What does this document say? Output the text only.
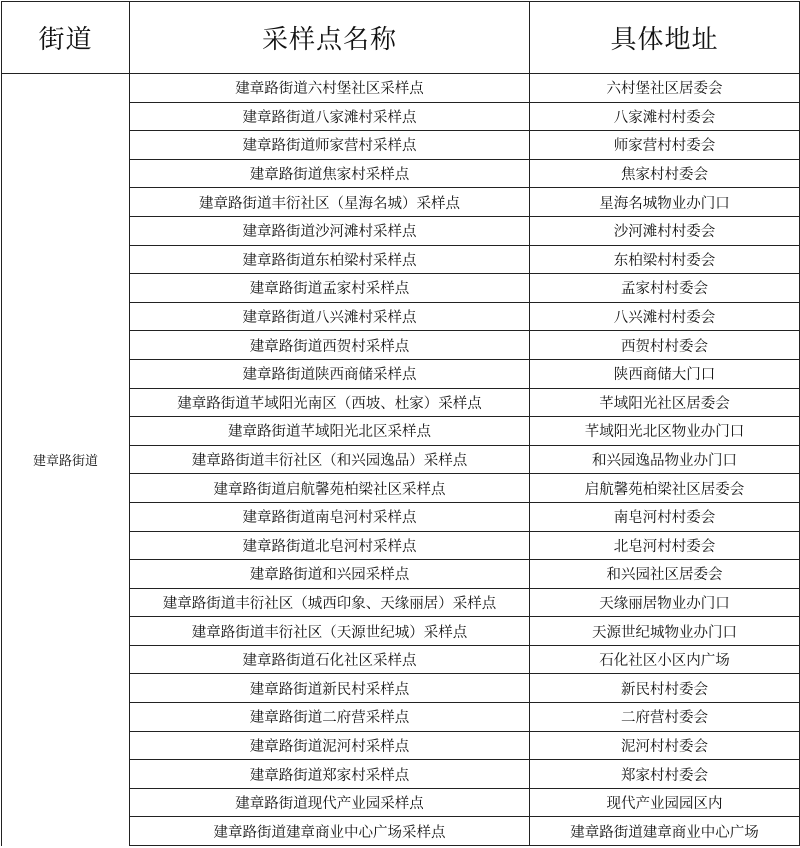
街道	采样点名称	具体地址
建章路街道	建章路街道六村堡社区采样点	六村堡社区居委会
	建章路街道八家滩村采样点	八家滩村村委会
	建章路街道师家营村采样点	师家营村村委会
	建章路街道焦家村采样点	焦家村村委会
	建章路街道丰衍社区（星海名城）采样点	星海名城物业办门口
	建章路街道沙河滩村采样点	沙河滩村村委会
	建章路街道东柏梁村采样点	东柏梁村村委会
	建章路街道孟家村采样点	孟家村村委会
	建章路街道八兴滩村采样点	八兴滩村村委会
	建章路街道西贺村采样点	西贺村村委会
	建章路街道陕西商储采样点	陕西商储大门口
	建章路街道芊域阳光南区（西坡、杜家）采样点	芊域阳光社区居委会
	建章路街道芊域阳光北区采样点	芊域阳光北区物业办门口
	建章路街道丰衍社区（和兴园逸品）采样点	和兴园逸品物业办门口
	建章路街道启航馨苑柏梁社区采样点	启航馨苑柏梁社区居委会
	建章路街道南皂河村采样点	南皂河村村委会
	建章路街道北皂河村采样点	北皂河村村委会
	建章路街道和兴园采样点	和兴园社区居委会
	建章路街道丰衍社区（城西印象、天缘丽居）采样点	天缘丽居物业办门口
	建章路街道丰衍社区（天源世纪城）采样点	天源世纪城物业办门口
	建章路街道石化社区采样点	石化社区小区内广场
	建章路街道新民村采样点	新民村村委会
	建章路街道二府营采样点	二府营村委会
	建章路街道泥河村采样点	泥河村村委会
	建章路街道郑家村采样点	郑家村村委会
	建章路街道现代产业园采样点	现代产业园园区内
	建章路街道建章商业中心广场采样点	建章路街道建章商业中心广场
